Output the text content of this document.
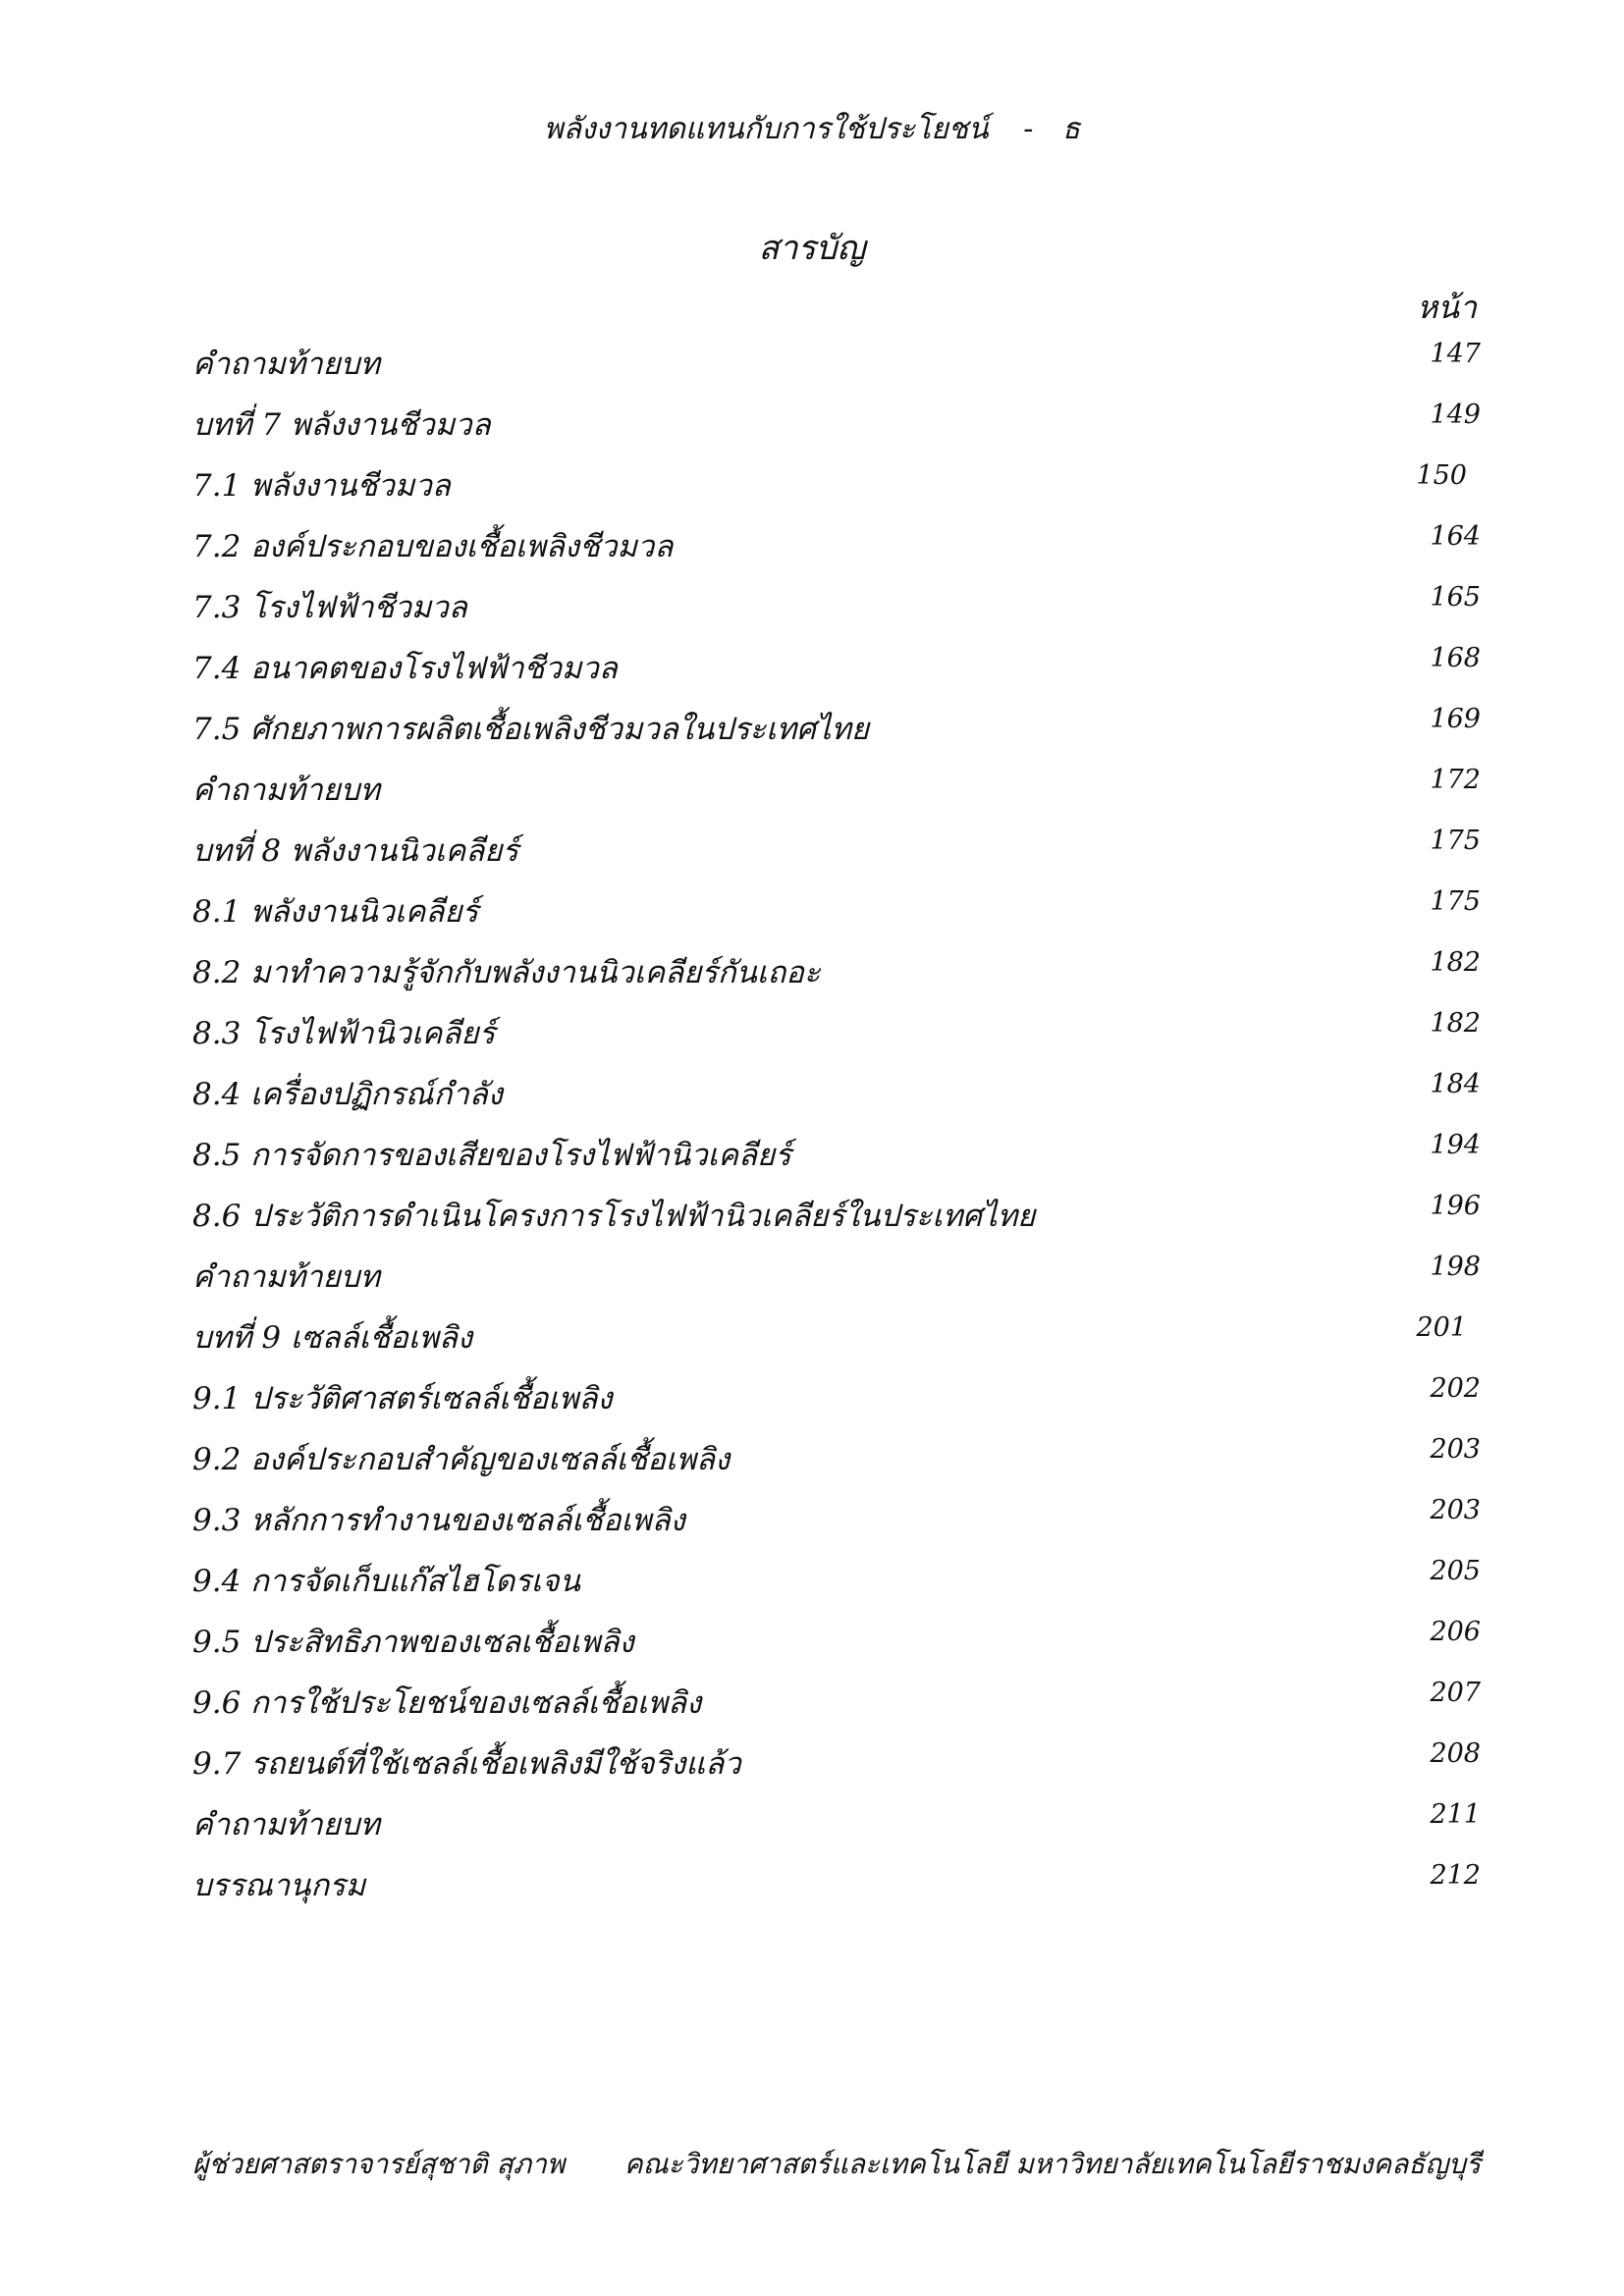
พลังงานทดแทนกับการใช้ประโยชน์ - ธ
สารบัญ
หน้า
คำถามท้ายบท	147
บทที่ 7 พลังงานชีวมวล	149
7.1 พลังงานชีวมวล	150
7.2 องค์ประกอบของเชื้อเพลิงชีวมวล	164
7.3 โรงไฟฟ้าชีวมวล	165
7.4 อนาคตของโรงไฟฟ้าชีวมวล	168
7.5 ศักยภาพการผลิตเชื้อเพลิงชีวมวลในประเทศไทย	169
คำถามท้ายบท	172
บทที่ 8 พลังงานนิวเคลียร์	175
8.1 พลังงานนิวเคลียร์	175
8.2 มาทำความรู้จักกับพลังงานนิวเคลียร์กันเถอะ	182
8.3 โรงไฟฟ้านิวเคลียร์	182
8.4 เครื่องปฏิกรณ์กำลัง	184
8.5 การจัดการของเสียของโรงไฟฟ้านิวเคลียร์	194
8.6 ประวัติการดำเนินโครงการโรงไฟฟ้านิวเคลียร์ในประเทศไทย	196
คำถามท้ายบท	198
บทที่ 9 เซลล์เชื้อเพลิง	201
9.1 ประวัติศาสตร์เซลล์เชื้อเพลิง	202
9.2 องค์ประกอบสำคัญของเซลล์เชื้อเพลิง	203
9.3 หลักการทำงานของเซลล์เชื้อเพลิง	203
9.4 การจัดเก็บแก๊สไฮโดรเจน	205
9.5 ประสิทธิภาพของเซลเชื้อเพลิง	206
9.6 การใช้ประโยชน์ของเซลล์เชื้อเพลิง	207
9.7 รถยนต์ที่ใช้เซลล์เชื้อเพลิงมีใช้จริงแล้ว	208
คำถามท้ายบท	211
บรรณานุกรม	212
ผู้ช่วยศาสตราจารย์สุชาติ สุภาพ คณะวิทยาศาสตร์และเทคโนโลยี มหาวิทยาลัยเทคโนโลยีราชมงคลธัญบุรี
